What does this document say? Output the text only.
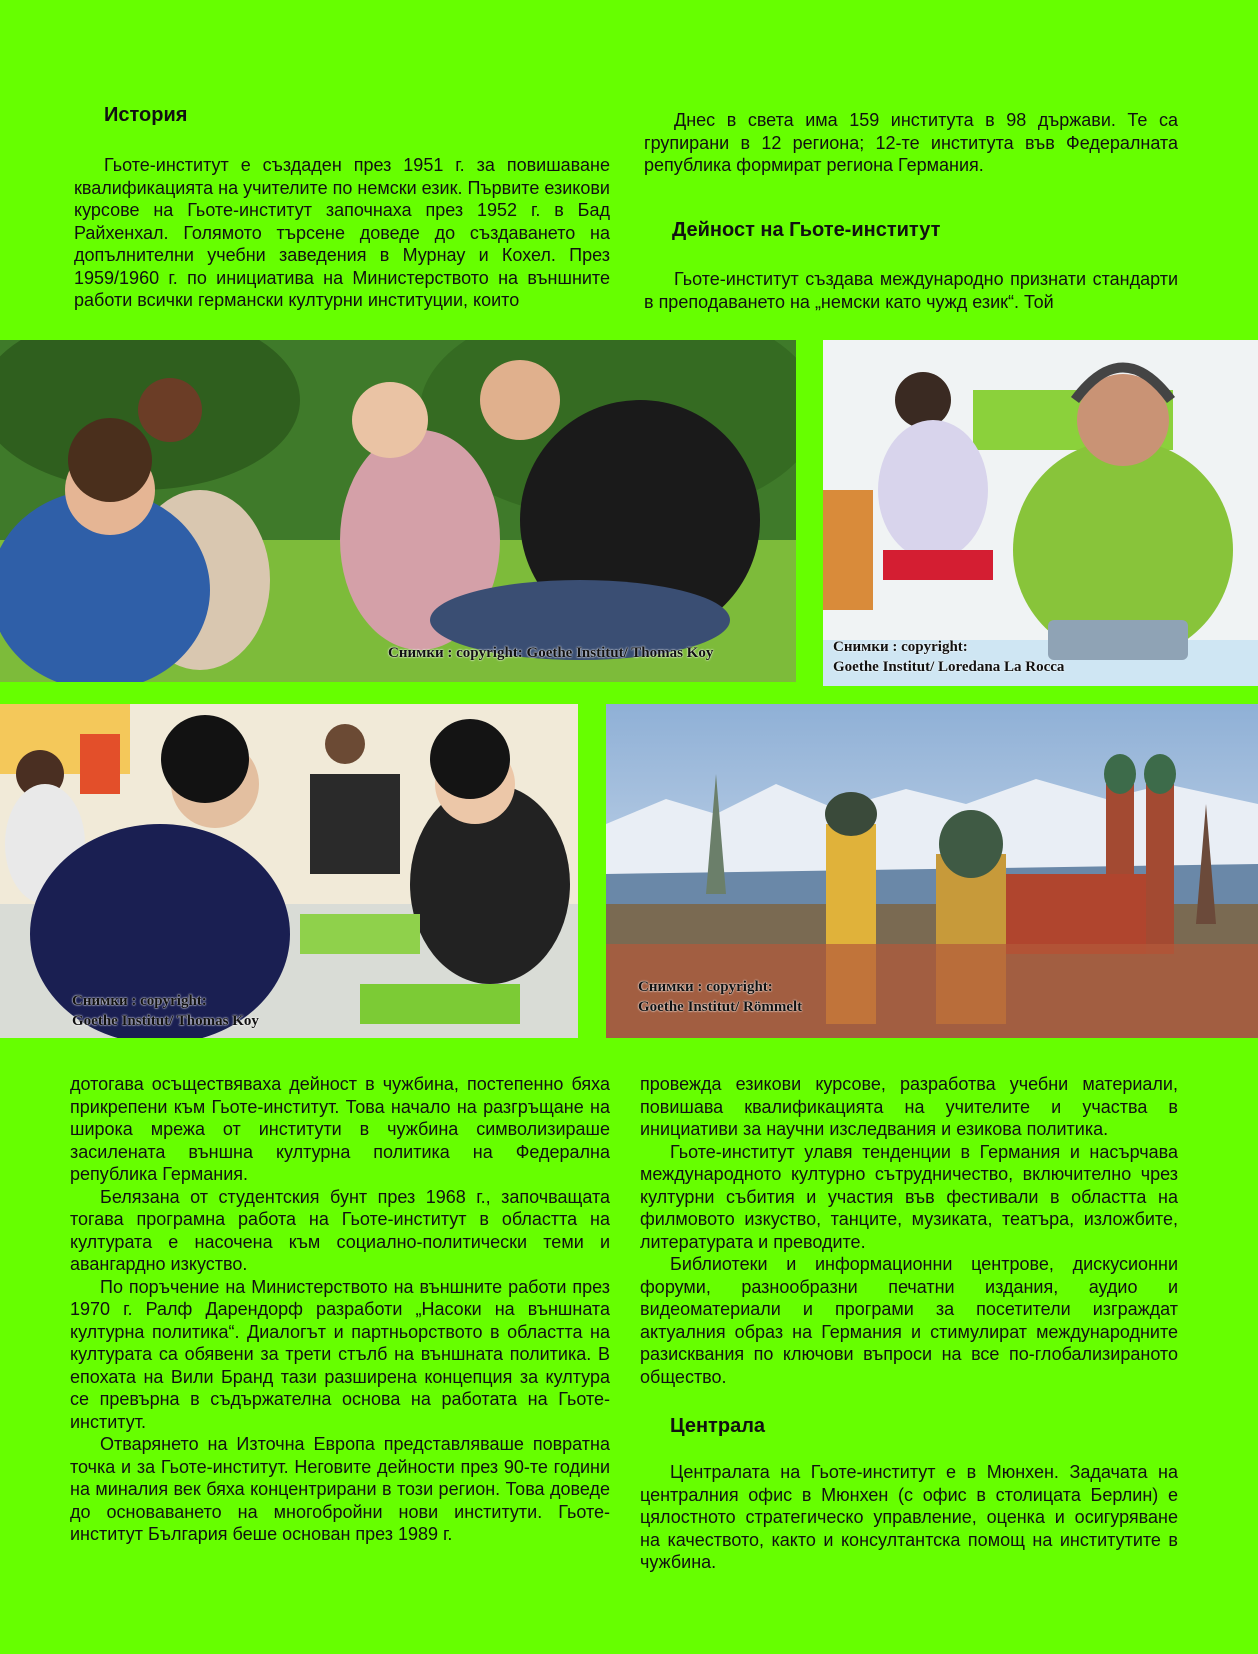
История

Гьоте-институт е създаден през 1951 г. за повишаване квалификацията на учителите по немски език. Първите езикови курсове на Гьоте-институт започнаха през 1952 г. в Бад Райхенхал. Голямото търсене доведе до създаването на допълнителни учебни заведения в Мурнау и Кохел. През 1959/1960 г. по инициатива на Министерството на външните работи всички германски културни институции, които

Днес в света има 159 института в 98 държави. Те са групирани в 12 региона; 12-те института във Федералната република формират региона Германия.

Дейност на Гьоте-институт

Гьоте-институт създава международно признати стандарти в преподаването на „немски като чужд език“. Той

Снимки : copyright: Goethe Institut/ Thomas Koy	Снимки : copyright:
Goethe Institut/ Loredana La Rocca
Снимки : copyright:
Goethe Institut/ Thomas Koy
Снимки : copyright:
Goethe Institut/ Römmelt

дотогава осъществяваха дейност в чужбина, постепенно бяха прикрепени към Гьоте-институт. Това начало на разгръщане на широка мрежа от институти в чужбина символизираше засилената външна културна политика на Федерална република Германия.

Белязана от студентския бунт през 1968 г., започващата тогава програмна работа на Гьоте-институт в областта на културата е насочена към социално-политически теми и авангардно изкуство.

По поръчение на Министерството на външните работи през 1970 г. Ралф Дарендорф разработи „Насоки на външната културна политика“. Диалогът и партньорството в областта на културата са обявени за трети стълб на външната политика. В епохата на Вили Бранд тази разширена концепция за култура се превърна в съдържателна основа на работата на Гьоте-институт.

Отварянето на Източна Европа представляваше повратна точка и за Гьоте-институт. Неговите дейности през 90-те години на миналия век бяха концентрирани в този регион. Това доведе до основаването на многобройни нови институти. Гьоте-институт България беше основан през 1989 г.

провежда езикови курсове, разработва учебни материали, повишава квалификацията на учителите и участва в инициативи за научни изследвания и езикова политика.

Гьоте-институт улавя тенденции в Германия и насърчава международното културно сътрудничество, включително чрез културни събития и участия във фестивали в областта на филмовото изкуство, танците, музиката, театъра, изложбите, литературата и преводите.

Библиотеки и информационни центрове, дискусионни форуми, разнообразни печатни издания, аудио и видеоматериали и програми за посетители изграждат актуалния образ на Германия и стимулират международните разисквания по ключови въпроси на все по-глобализираното общество.

Централа

Централата на Гьоте-институт е в Мюнхен. Задачата на централния офис в Мюнхен (с офис в столицата Берлин) е цялостното стратегическо управление, оценка и осигуряване на качеството, както и консултантска помощ на институтите в чужбина.
